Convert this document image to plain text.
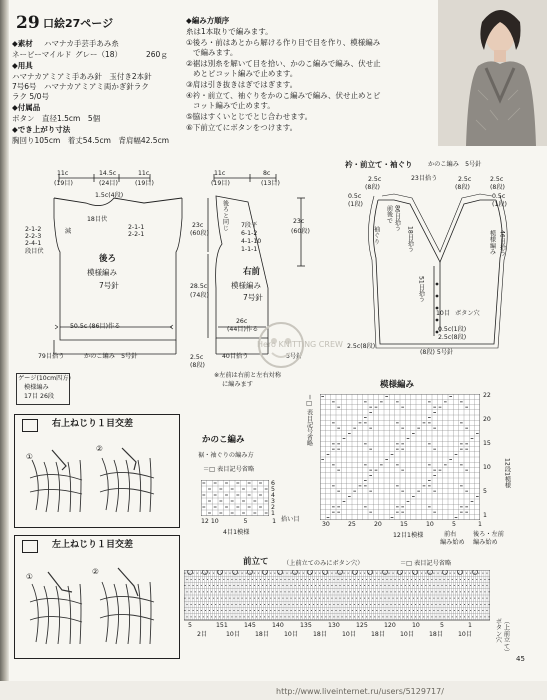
29 口絵27ページ
◆素材 ハマナカ手芸手あみ糸
ネービーマイルド グレー（18）	260ｇ
◆用具
ハマナカアミアミ手あみ針　玉付き2本針
7号6号　ハマナカアミアミ両かぎ針ラク
ラク 5/0号
◆付属品
ボタン　直径1.5cm　5個
◆でき上がり寸法
胸回り105cm　着丈54.5cm　背肩幅42.5cm
◆編み方順序
糸は1本取りで編みます。
①後ろ・前はあとから解ける作り目で目を作り、模様編み
で編みます。
②裾は別糸を解いて目を拾い、かのこ編みで編み、伏せ止
めとピコット編みで止めます。
③肩は引き抜きはぎではぎます。
④衿・前立て、袖ぐりをかのこ編みで編み、伏せ止めとピ
コット編みで止めます。
⑤脇はすくいとじでとじ合わせます。
⑥下前立てにボタンをつけます。
11c
(19目)
14.5c
(24目)
11c
(19目)
1.5c(4段)
18目伏
2-1-2
2-2-3
2-4-1
段目伏
2-1-1
2-2-1
後ろ
模様編み
7号針
減
50.5c (86目)作る
79目拾う	かのこ編み　5号針
11c
(19目)
8c
(13目)
23c
(60段)
23c
(60段)
7段平
6-1-2
4-1-10
1-1-1
後ろと同じ
右前
模様編み
7号針
28.5c
(74段)
26c
(44目)作る
40目拾う	5号針
2.5c
(8段)
※左前は右前と左右対称
に編みます
ゲージ(10cm四方)
模様編み
17目 26段
衿・前立て・袖ぐり	かのこ編み　5号針
2.5c
(8段)
23目拾う	2.5c
(8段)
0.5c
(1段)
2.5c
(8段)
0.5c
(1段)
前後で 86目拾う
18目拾う
51目拾う
袖ぐり	46目拾う
模様編み
10目 ボタン穴
0.5c(1段)
2.5c(8段)
(8段) 5号針
2.5c(8段)
Hero KNITTING CREW
右上ねじり１目交差
①
②
左上ねじり１目交差
①
②
かのこ編み
裾・袖ぐりの編み方
＝□ 表目記号省略
12 10　　　　5　　　　1
4目1模様
拾い目
6
5
4
3
2
1
模様編み
＝□ 表目記号省略	22
20
15
10
5
1
30	25	20	15	10	5	1
12目1模様	前右
編み始め
後ろ・左前
編み始め
12段1模様
前立て （上前立てのみにボタン穴）	＝□ 表目記号省略
5	151	145	140	135	130	125	120	10	5	1
2目	10目 18目 10目 18目 10目 18目 10目 18目 10目	ボタン穴 （上前立て）
45
http://www.liveinternet.ru/users/5129717/
